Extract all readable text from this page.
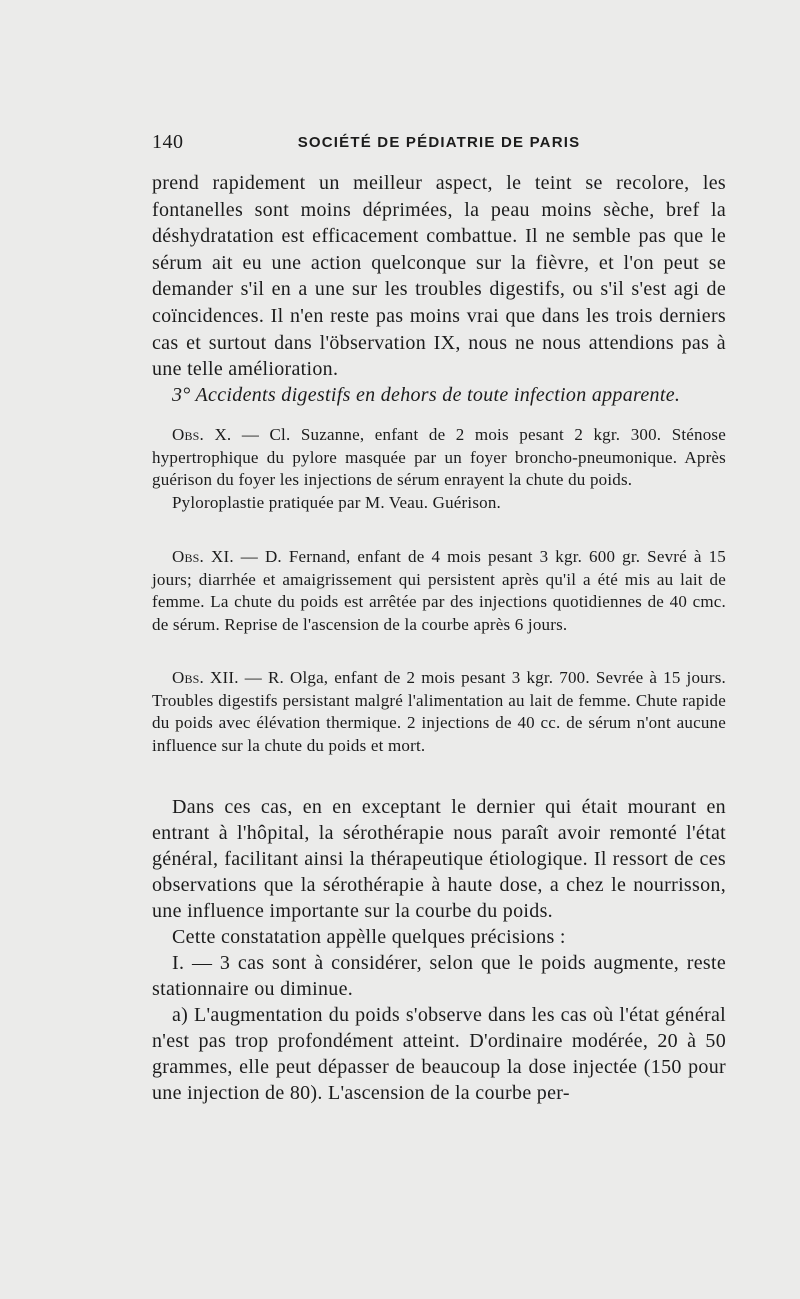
140	SOCIÉTÉ DE PÉDIATRIE DE PARIS

prend rapidement un meilleur aspect, le teint se recolore, les fontanelles sont moins déprimées, la peau moins sèche, bref la déshydratation est efficacement combattue. Il ne semble pas que le sérum ait eu une action quelconque sur la fièvre, et l'on peut se demander s'il en a une sur les troubles digestifs, ou s'il s'est agi de coïncidences. Il n'en reste pas moins vrai que dans les trois derniers cas et surtout dans l'öbservation IX, nous ne nous attendions pas à une telle amélioration.

3° Accidents digestifs en dehors de toute infection apparente.

Obs. X. — Cl. Suzanne, enfant de 2 mois pesant 2 kgr. 300. Sténose hypertrophique du pylore masquée par un foyer broncho-pneumonique. Après guérison du foyer les injections de sérum enrayent la chute du poids.

Pyloroplastie pratiquée par M. Veau. Guérison.

Obs. XI. — D. Fernand, enfant de 4 mois pesant 3 kgr. 600 gr. Sevré à 15 jours; diarrhée et amaigrissement qui persistent après qu'il a été mis au lait de femme. La chute du poids est arrêtée par des injections quotidiennes de 40 cmc. de sérum. Reprise de l'ascension de la courbe après 6 jours.

Obs. XII. — R. Olga, enfant de 2 mois pesant 3 kgr. 700. Sevrée à 15 jours. Troubles digestifs persistant malgré l'alimentation au lait de femme. Chute rapide du poids avec élévation thermique. 2 injections de 40 cc. de sérum n'ont aucune influence sur la chute du poids et mort.

Dans ces cas, en en exceptant le dernier qui était mourant en entrant à l'hôpital, la sérothérapie nous paraît avoir remonté l'état général, facilitant ainsi la thérapeutique étiologique. Il ressort de ces observations que la sérothérapie à haute dose, a chez le nourrisson, une influence importante sur la courbe du poids.

Cette constatation appèlle quelques précisions :

I. — 3 cas sont à considérer, selon que le poids augmente, reste stationnaire ou diminue.

a) L'augmentation du poids s'observe dans les cas où l'état général n'est pas trop profondément atteint. D'ordinaire modérée, 20 à 50 grammes, elle peut dépasser de beaucoup la dose injectée (150 pour une injection de 80). L'ascension de la courbe per-
